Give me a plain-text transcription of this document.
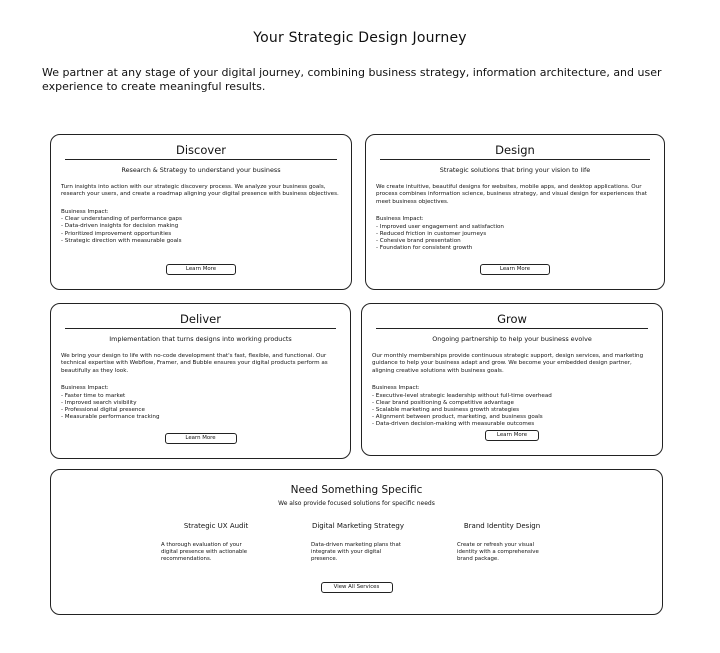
Your Strategic Design Journey
We partner at any stage of your digital journey, combining business strategy, information architecture, and user experience to create meaningful results.
Discover
Research & Strategy to understand your business
Turn insights into action with our strategic discovery process. We analyze your business goals, research your users, and create a roadmap aligning your digital presence with business objectives.
Business Impact:
- Clear understanding of performance gaps
- Data-driven insights for decision making
- Prioritized improvement opportunities
- Strategic direction with measurable goals
Learn More
Design
Strategic solutions that bring your vision to life
We create intuitive, beautiful designs for websites, mobile apps, and desktop applications. Our process combines information science, business strategy, and visual design for experiences that meet business objectives.
Business Impact:
- Improved user engagement and satisfaction
- Reduced friction in customer journeys
- Cohesive brand presentation
- Foundation for consistent growth
Learn More
Deliver
Implementation that turns designs into working products
We bring your design to life with no-code development that's fast, flexible, and functional. Our technical expertise with Webflow, Framer, and Bubble ensures your digital products perform as beautifully as they look.
Business Impact:
- Faster time to market
- Improved search visibility
- Professional digital presence
- Measurable performance tracking
Learn More
Grow
Ongoing partnership to help your business evolve
Our monthly memberships provide continuous strategic support, design services, and marketing guidance to help your business adapt and grow. We become your embedded design partner, aligning creative solutions with business goals.
Business Impact:
- Executive-level strategic leadership without full-time overhead
- Clear brand positioning & competitive advantage
- Scalable marketing and business growth strategies
- Alignment between product, marketing, and business goals
- Data-driven decision-making with measurable outcomes
Learn More
Need Something Specific
We also provide focused solutions for specific needs
Strategic UX Audit

A thorough evaluation of your digital presence with actionable recommendations.

Digital Marketing Strategy

Data-driven marketing plans that integrate with your digital presence.

Brand Identity Design

Create or refresh your visual identity with a comprehensive brand package.

View All Services
